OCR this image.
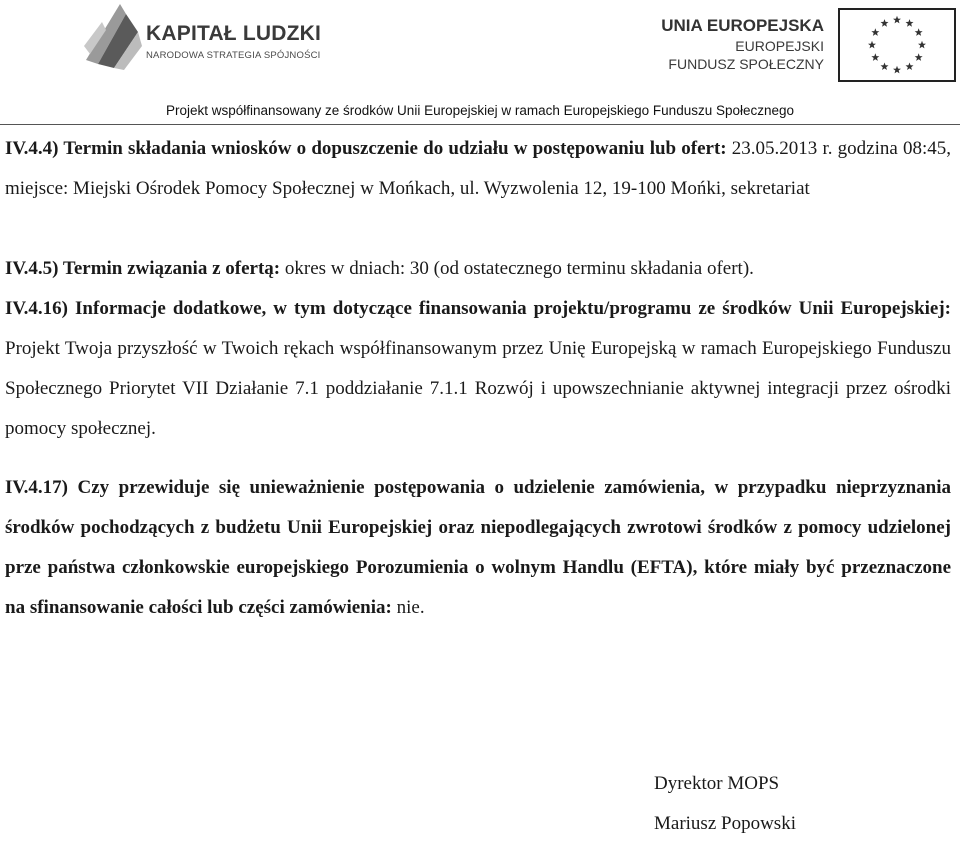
KAPITAŁ LUDZKI
NARODOWA STRATEGIA SPÓJNOŚCI
UNIA EUROPEJSKA
EUROPEJSKI
FUNDUSZ SPOŁECZNY
Projekt współfinansowany ze środków Unii Europejskiej w ramach Europejskiego Funduszu Społecznego
IV.4.4) Termin składania wniosków o dopuszczenie do udziału w postępowaniu lub ofert: 23.05.2013 r. godzina 08:45, miejsce: Miejski Ośrodek Pomocy Społecznej w Mońkach, ul. Wyzwolenia 12, 19-100 Mońki, sekretariat
IV.4.5) Termin związania z ofertą: okres w dniach: 30 (od ostatecznego terminu składania ofert).
IV.4.16) Informacje dodatkowe, w tym dotyczące finansowania projektu/programu ze środków Unii Europejskiej: Projekt Twoja przyszłość w Twoich rękach współfinansowanym przez Unię Europejską w ramach Europejskiego Funduszu Społecznego Priorytet VII Działanie 7.1 poddziałanie 7.1.1 Rozwój i upowszechnianie aktywnej integracji przez ośrodki pomocy społecznej.
IV.4.17) Czy przewiduje się unieważnienie postępowania o udzielenie zamówienia, w przypadku nieprzyznania środków pochodzących z budżetu Unii Europejskiej oraz niepodlegających zwrotowi środków z pomocy udzielonej prze państwa członkowskie europejskiego Porozumienia o wolnym Handlu (EFTA), które miały być przeznaczone na sfinansowanie całości lub części zamówienia: nie.
Dyrektor MOPS
Mariusz Popowski
